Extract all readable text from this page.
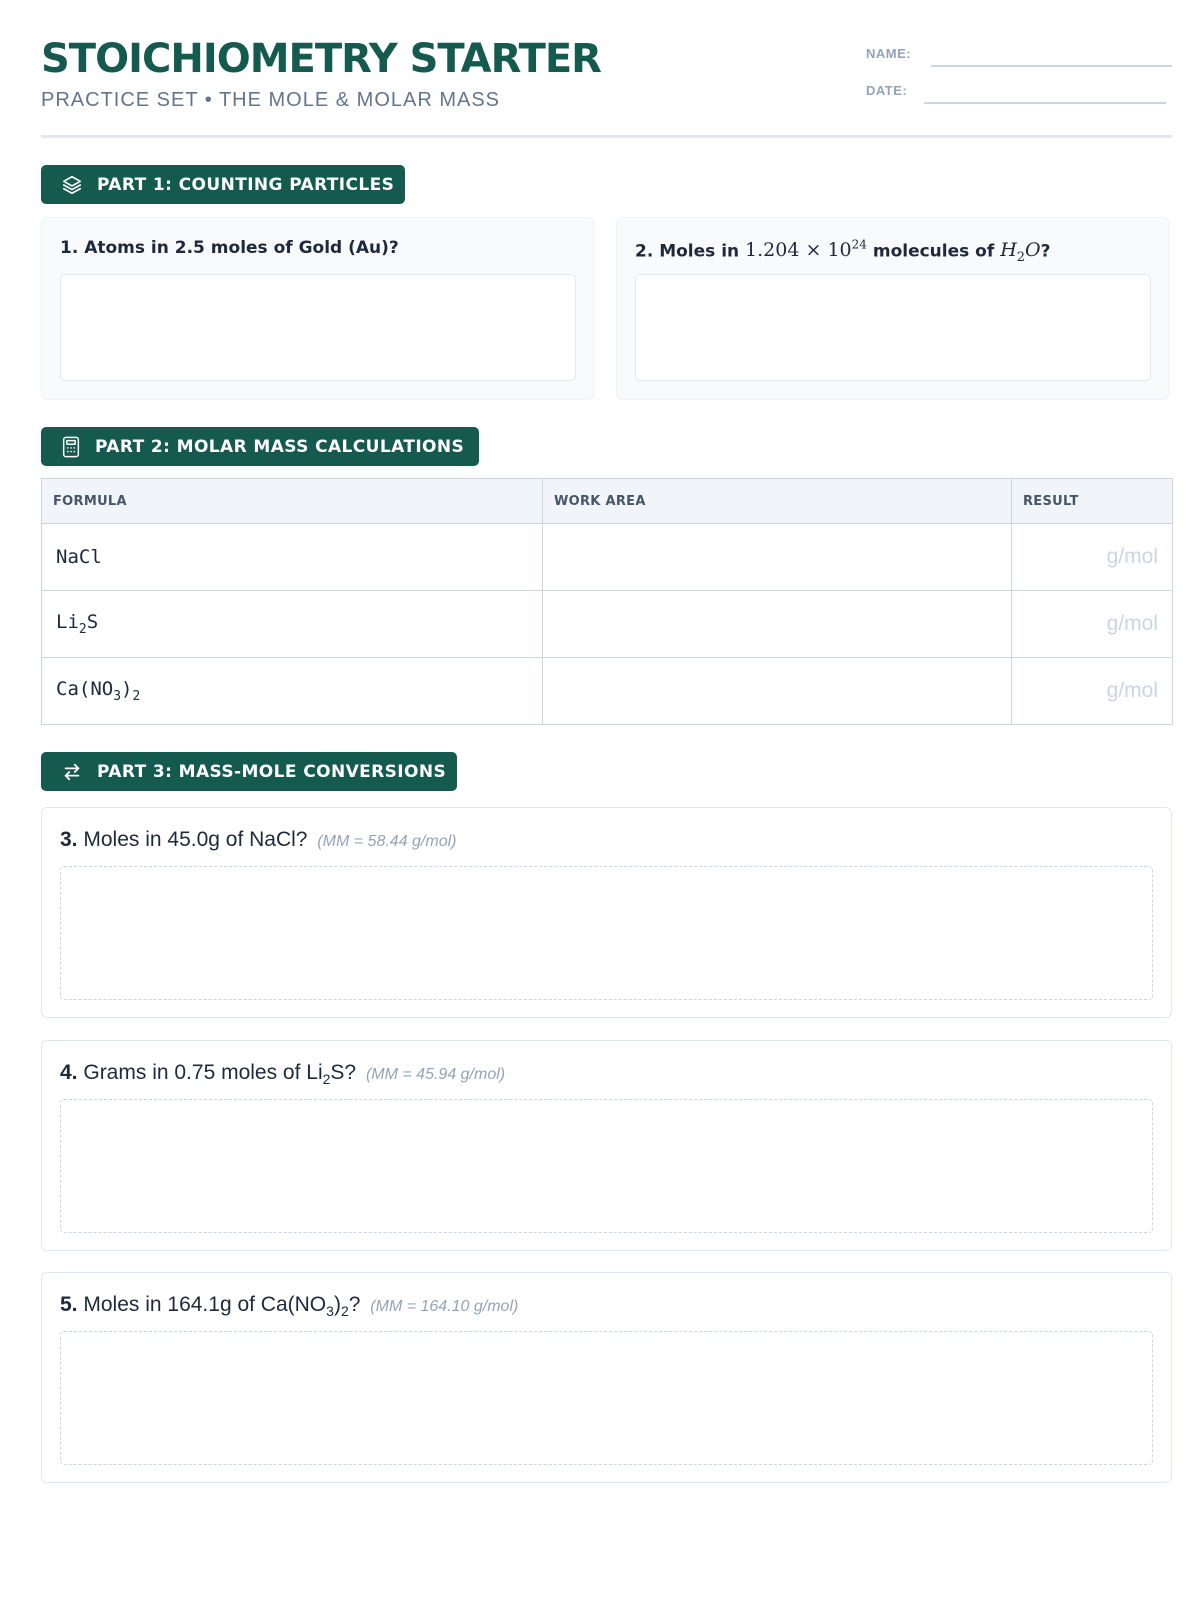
STOICHIOMETRY STARTER
PRACTICE SET • THE MOLE & MOLAR MASS
NAME:
DATE:
PART 1: COUNTING PARTICLES
1. Atoms in 2.5 moles of Gold (Au)?	2. Moles in $1.204 \times 10^{24}$ molecules of $H_2O$?
PART 2: MOLAR MASS CALCULATIONS
FORMULA	WORK AREA	RESULT
NaCl		g/mol
$Li_2S$		g/mol
$Ca(NO_3)_2$		g/mol
PART 3: MASS-MOLE CONVERSIONS
3. Moles in 45.0g of NaCl? (MM = 58.44 g/mol)
4. Grams in 0.75 moles of $Li_2S$? (MM = 45.94 g/mol)
5. Moles in 164.1g of $Ca(NO_3)_2$? (MM = 164.10 g/mol)
